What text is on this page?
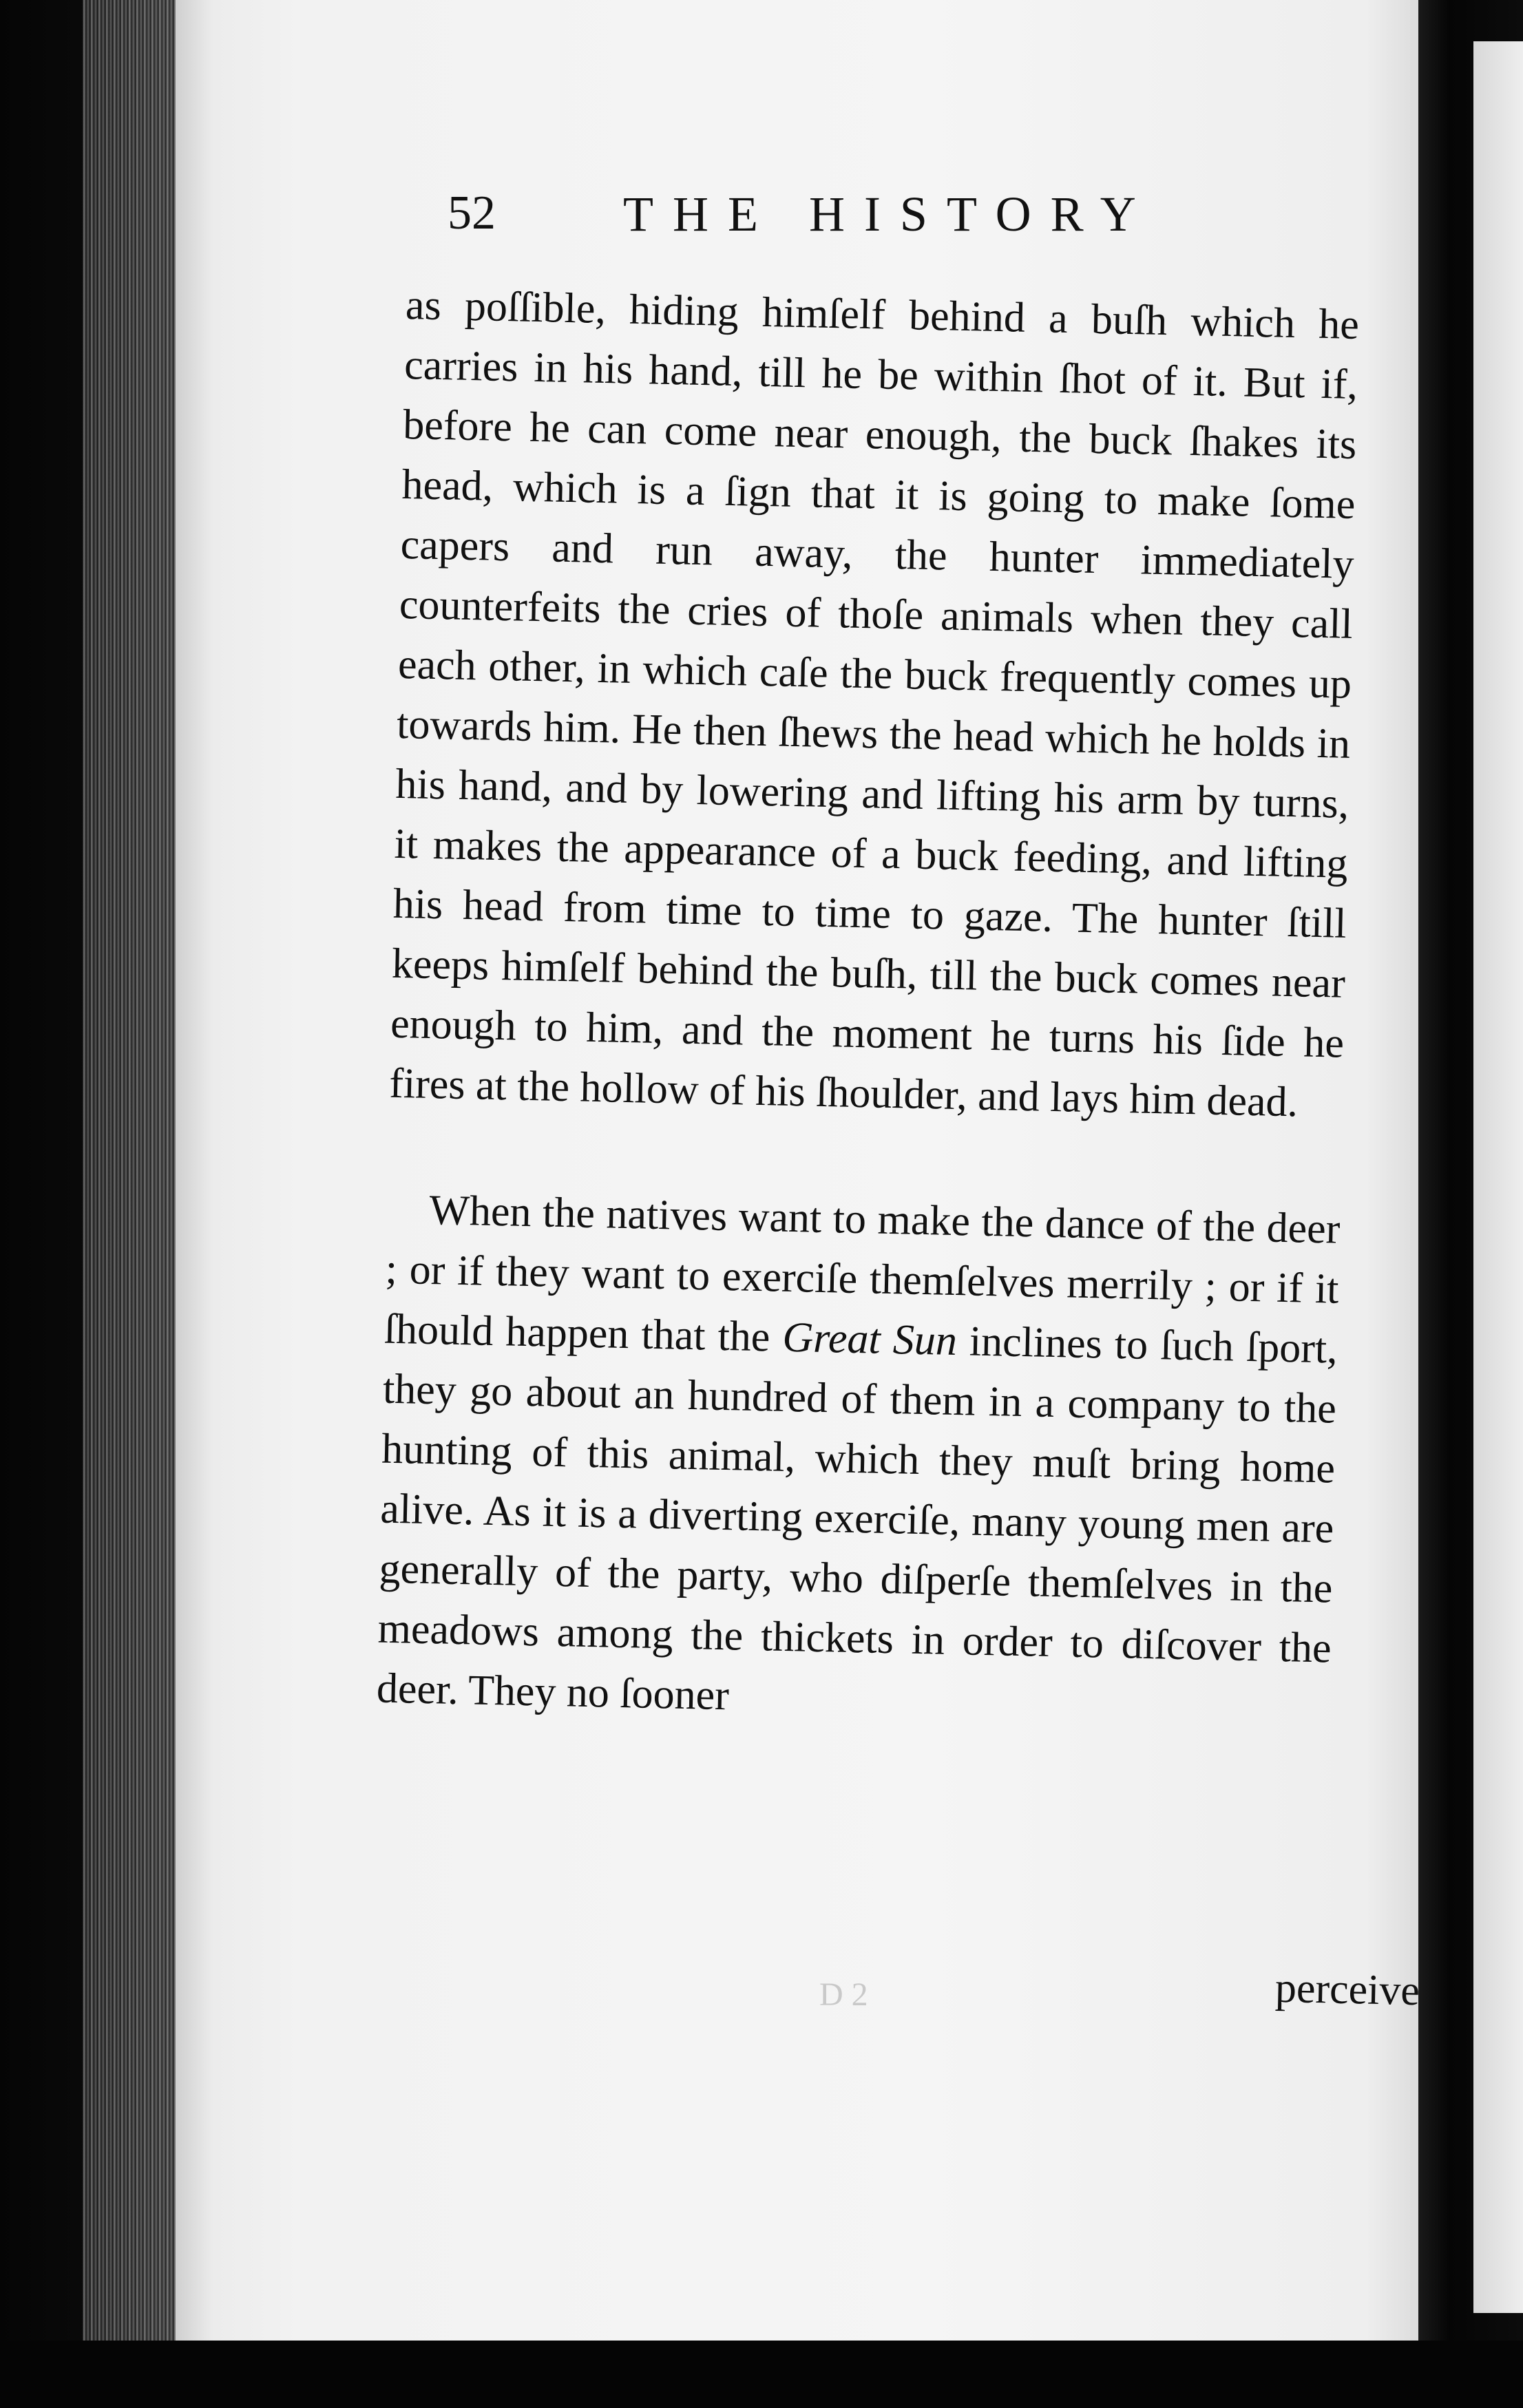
52	THE HISTORY

as poſſible, hiding himſelf behind a buſh which he carries in his hand, till he be within ſhot of it. But if, before he can come near enough, the buck ſhakes its head, which is a ſign that it is going to make ſome capers and run away, the hunter immediately counterfeits the cries of thoſe animals when they call each other, in which caſe the buck frequently comes up towards him. He then ſhews the head which he holds in his hand, and by lowering and lifting his arm by turns, it makes the appearance of a buck feeding, and lifting his head from time to time to gaze. The hunter ſtill keeps himſelf behind the buſh, till the buck comes near enough to him, and the moment he turns his ſide he fires at the hollow of his ſhoulder, and lays him dead.

When the natives want to make the dance of the deer ; or if they want to exerciſe themſelves merrily ; or if it ſhould happen that the Great Sun inclines to ſuch ſport, they go about an hundred of them in a company to the hunting of this animal, which they muſt bring home alive. As it is a diverting exerciſe, many young men are generally of the party, who diſperſe themſelves in the meadows among the thickets in order to diſcover the deer. They no ſooner

D 2	perceive
